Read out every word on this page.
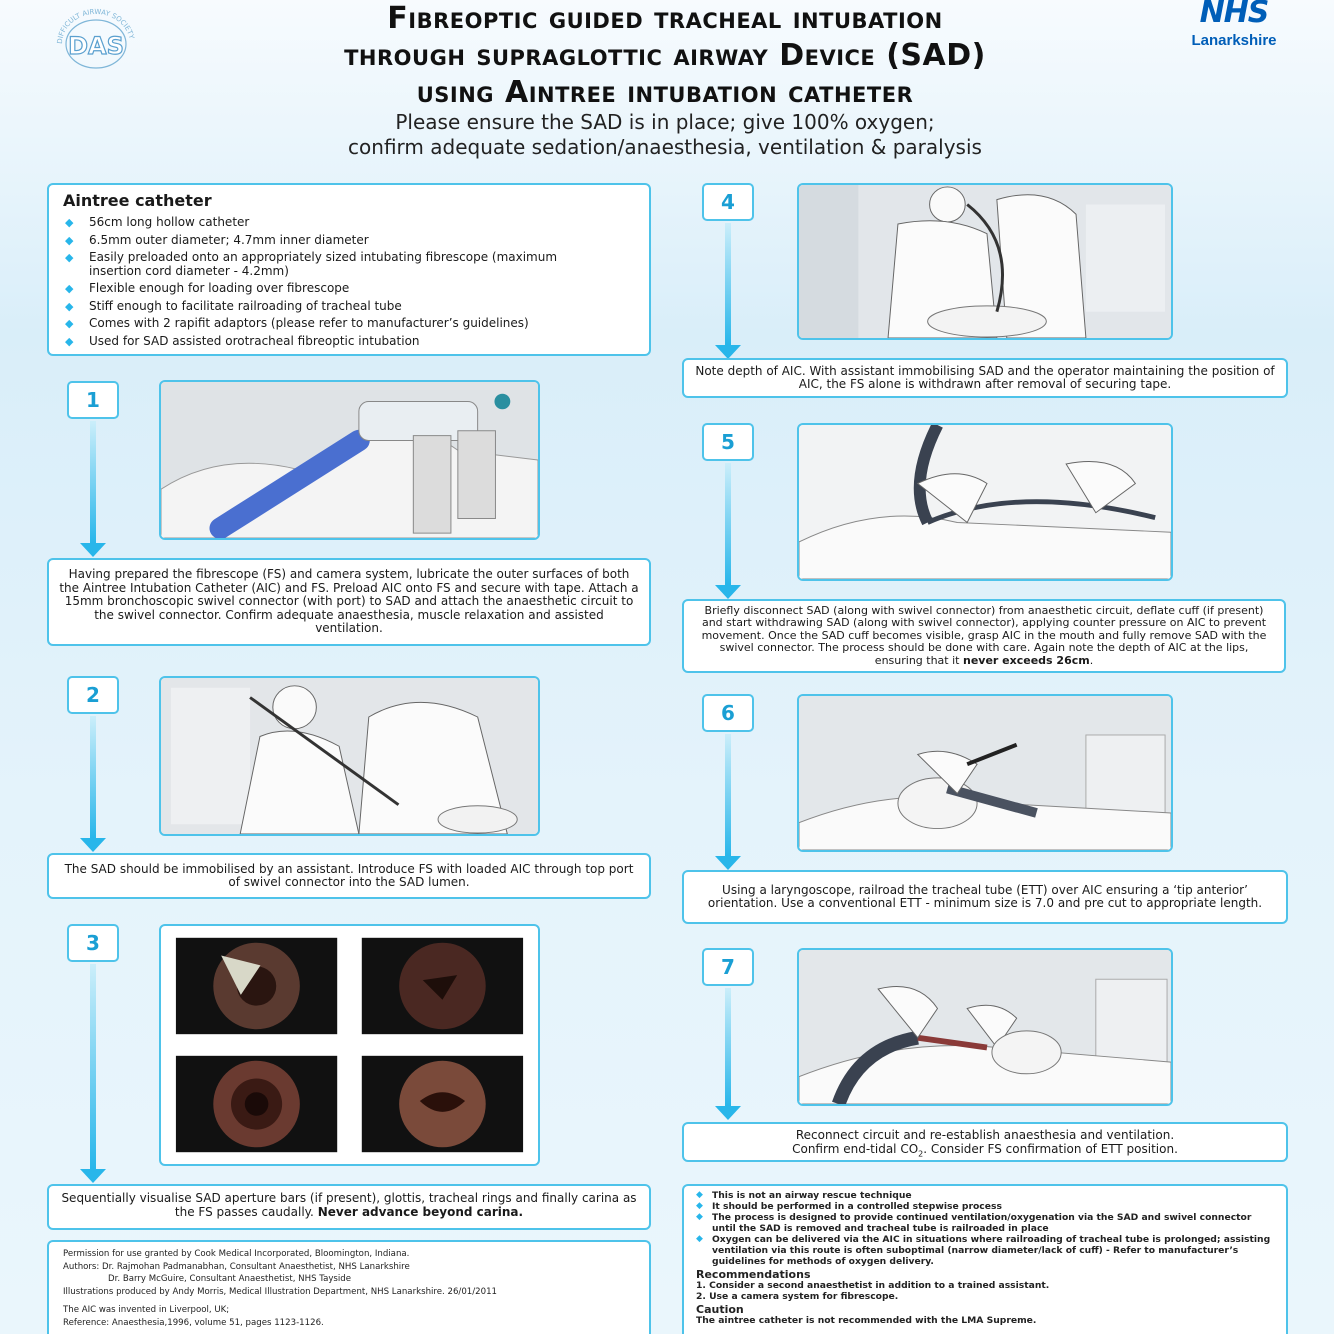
DIFFICULT AIRWAY SOCIETY
DAS
NHS
Lanarkshire
Fibreoptic guided tracheal intubation
through supraglottic airway Device (SAD)
using Aintree intubation catheter
Please ensure the SAD is in place; give 100% oxygen;
confirm adequate sedation/anaesthesia, ventilation & paralysis
Aintree catheter
◆	56cm long hollow catheter
◆	6.5mm outer diameter; 4.7mm inner diameter
◆	Easily preloaded onto an appropriately sized intubating fibrescope (maximum insertion cord diameter - 4.2mm)
◆	Flexible enough for loading over fibrescope
◆	Stiff enough to facilitate railroading of tracheal tube
◆	Comes with 2 rapifit adaptors (please refer to manufacturer’s guidelines)
◆	Used for SAD assisted orotracheal fibreoptic intubation
1
Having prepared the fibrescope (FS) and camera system, lubricate the outer surfaces of both the Aintree Intubation Catheter (AIC) and FS. Preload AIC onto FS and secure with tape. Attach a 15mm bronchoscopic swivel connector (with port) to SAD and attach the anaesthetic circuit to the swivel connector. Confirm adequate anaesthesia, muscle relaxation and assisted ventilation.
2
The SAD should be immobilised by an assistant. Introduce FS with loaded AIC through top port of swivel connector into the SAD lumen.
3
Sequentially visualise SAD aperture bars (if present), glottis, tracheal rings and finally carina as the FS passes caudally. Never advance beyond carina.
Permission for use granted by Cook Medical Incorporated, Bloomington, Indiana.
Authors: Dr. Rajmohan Padmanabhan, Consultant Anaesthetist, NHS Lanarkshire
Dr. Barry McGuire, Consultant Anaesthetist, NHS Tayside
Illustrations produced by Andy Morris, Medical Illustration Department, NHS Lanarkshire. 26/01/2011
The AIC was invented in Liverpool, UK;
Reference: Anaesthesia,1996, volume 51, pages 1123-1126.
4
Note depth of AIC. With assistant immobilising SAD and the operator maintaining the position of AIC, the FS alone is withdrawn after removal of securing tape.
5
Briefly disconnect SAD (along with swivel connector) from anaesthetic circuit, deflate cuff (if present) and start withdrawing SAD (along with swivel connector), applying counter pressure on AIC to prevent movement. Once the SAD cuff becomes visible, grasp AIC in the mouth and fully remove SAD with the swivel connector. The process should be done with care. Again note the depth of AIC at the lips, ensuring that it never exceeds 26cm.
6
Using a laryngoscope, railroad the tracheal tube (ETT) over AIC ensuring a ‘tip anterior’ orientation. Use a conventional ETT - minimum size is 7.0 and pre cut to appropriate length.
7
Reconnect circuit and re-establish anaesthesia and ventilation.
Confirm end-tidal $CO_2$. Consider FS confirmation of ETT position.
◆ This is not an airway rescue technique
◆ It should be performed in a controlled stepwise process
◆ The process is designed to provide continued ventilation/oxygenation via the SAD and swivel connector until the SAD is removed and tracheal tube is railroaded in place
◆ Oxygen can be delivered via the AIC in situations where railroading of tracheal tube is prolonged; assisting ventilation via this route is often suboptimal (narrow diameter/lack of cuff) - Refer to manufacturer’s guidelines for methods of oxygen delivery.
Recommendations
1. Consider a second anaesthetist in addition to a trained assistant.
2. Use a camera system for fibrescope.
Caution
The aintree catheter is not recommended with the LMA Supreme.
